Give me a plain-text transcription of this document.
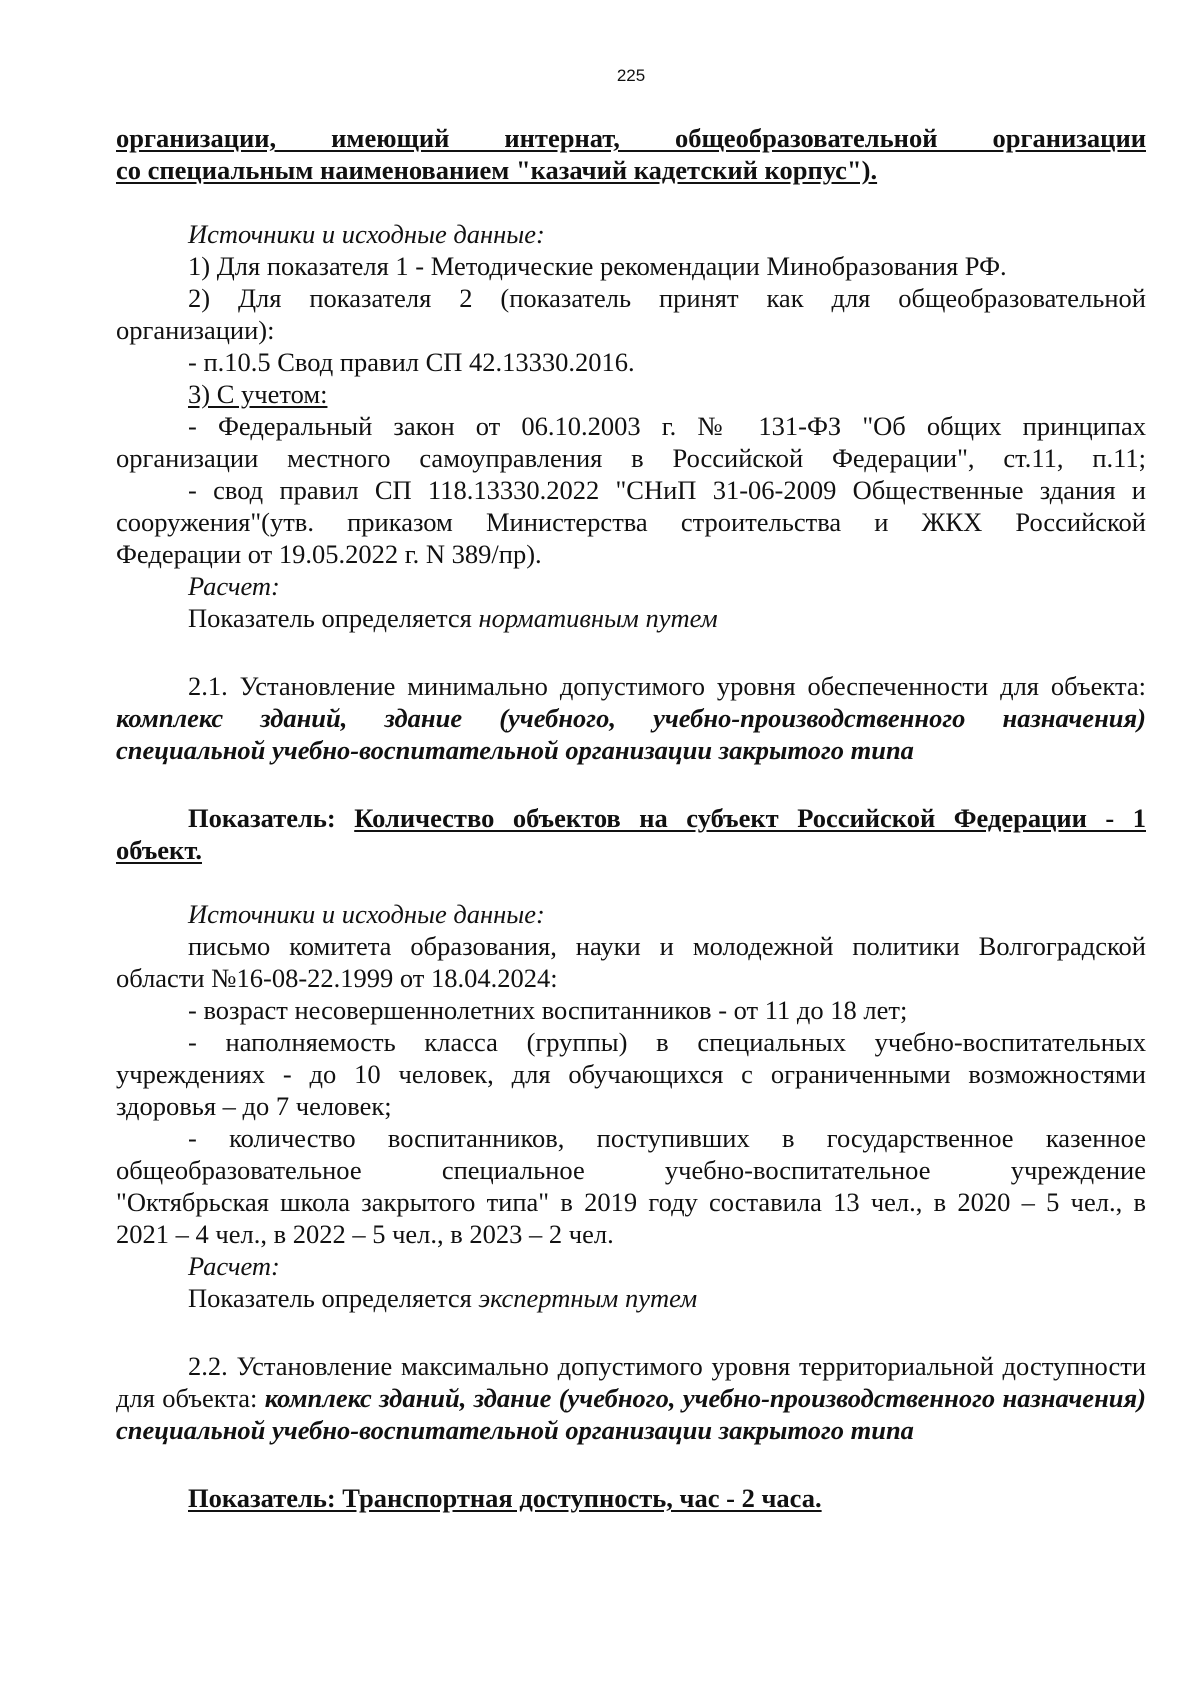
225

организации, имеющий интернат, общеобразовательной организации

со специальным наименованием "казачий кадетский корпус").

Источники и исходные данные:

1) Для показателя 1 - Методические рекомендации Минобразования РФ.

2) Для показателя 2 (показатель принят как для общеобразовательной

организации):

- п.10.5 Свод правил СП 42.13330.2016.

3) С учетом:

- Федеральный закон от 06.10.2003 г. № 131-ФЗ "Об общих принципах

организации местного самоуправления в Российской Федерации", ст.11, п.11;

- свод правил СП 118.13330.2022 "СНиП 31-06-2009 Общественные здания и

сооружения"(утв. приказом Министерства строительства и ЖКХ Российской

Федерации от 19.05.2022 г. N 389/пр).

Расчет:

Показатель определяется нормативным путем

2.1. Установление минимально допустимого уровня обеспеченности для объекта: комплекс зданий, здание (учебного, учебно-производственного назначения) специальной учебно-воспитательной организации закрытого типа

Показатель: Количество объектов на субъект Российской Федерации - 1

объект.

Источники и исходные данные:

письмо комитета образования, науки и молодежной политики Волгоградской

области №16-08-22.1999 от 18.04.2024:

- возраст несовершеннолетних воспитанников - от 11 до 18 лет;

- наполняемость класса (группы) в специальных учебно-воспитательных

учреждениях - до 10 человек, для обучающихся с ограниченными возможностями

здоровья – до 7 человек;

- количество воспитанников, поступивших в государственное казенное

общеобразовательное специальное учебно-воспитательное учреждение

"Октябрьская школа закрытого типа" в 2019 году составила 13 чел., в 2020 – 5 чел., в

2021 – 4 чел., в 2022 – 5 чел., в 2023 – 2 чел.

Расчет:

Показатель определяется экспертным путем

2.2. Установление максимально допустимого уровня территориальной доступности для объекта: комплекс зданий, здание (учебного, учебно-производственного назначения) специальной учебно-воспитательной организации закрытого типа

Показатель: Транспортная доступность, час - 2 часа.
